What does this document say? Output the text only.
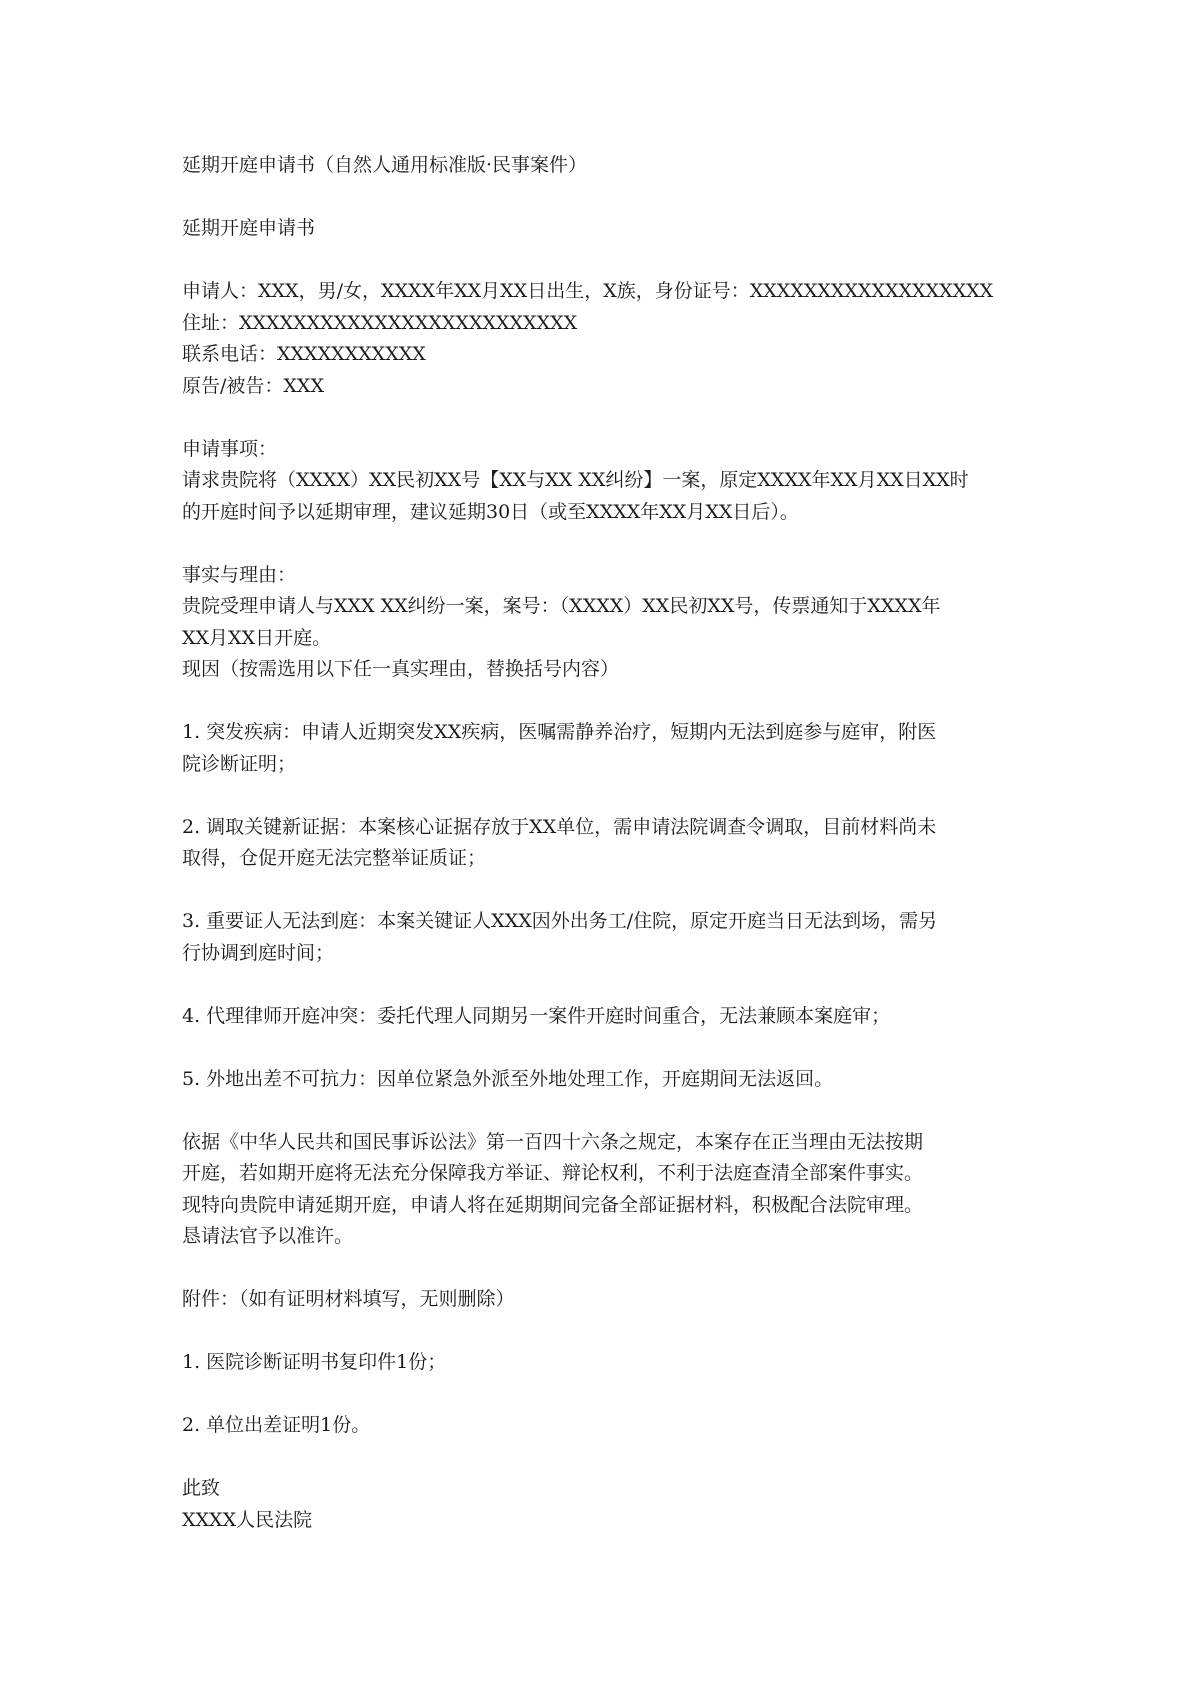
延期开庭申请书（自然人通用标准版·民事案件）

延期开庭申请书

申请人：XXX，男/女，XXXX年XX月XX日出生，X族，身份证号：XXXXXXXXXXXXXXXXXX

住址：XXXXXXXXXXXXXXXXXXXXXXXXX

联系电话：XXXXXXXXXXX

原告/被告：XXX

申请事项：

请求贵院将（XXXX）XX民初XX号【XX与XX XX纠纷】一案，原定XXXX年XX月XX日XX时

的开庭时间予以延期审理，建议延期30日（或至XXXX年XX月XX日后）。

事实与理由：

贵院受理申请人与XXX XX纠纷一案，案号：（XXXX）XX民初XX号，传票通知于XXXX年

XX月XX日开庭。

现因（按需选用以下任一真实理由，替换括号内容）

1. 突发疾病：申请人近期突发XX疾病，医嘱需静养治疗，短期内无法到庭参与庭审，附医

院诊断证明；

2. 调取关键新证据：本案核心证据存放于XX单位，需申请法院调查令调取，目前材料尚未

取得，仓促开庭无法完整举证质证；

3. 重要证人无法到庭：本案关键证人XXX因外出务工/住院，原定开庭当日无法到场，需另

行协调到庭时间；

4. 代理律师开庭冲突：委托代理人同期另一案件开庭时间重合，无法兼顾本案庭审；

5. 外地出差不可抗力：因单位紧急外派至外地处理工作，开庭期间无法返回。

依据《中华人民共和国民事诉讼法》第一百四十六条之规定，本案存在正当理由无法按期

开庭，若如期开庭将无法充分保障我方举证、辩论权利，不利于法庭查清全部案件事实。

现特向贵院申请延期开庭，申请人将在延期期间完备全部证据材料，积极配合法院审理。

恳请法官予以准许。

附件：（如有证明材料填写，无则删除）

1. 医院诊断证明书复印件1份；

2. 单位出差证明1份。

此致

XXXX人民法院
